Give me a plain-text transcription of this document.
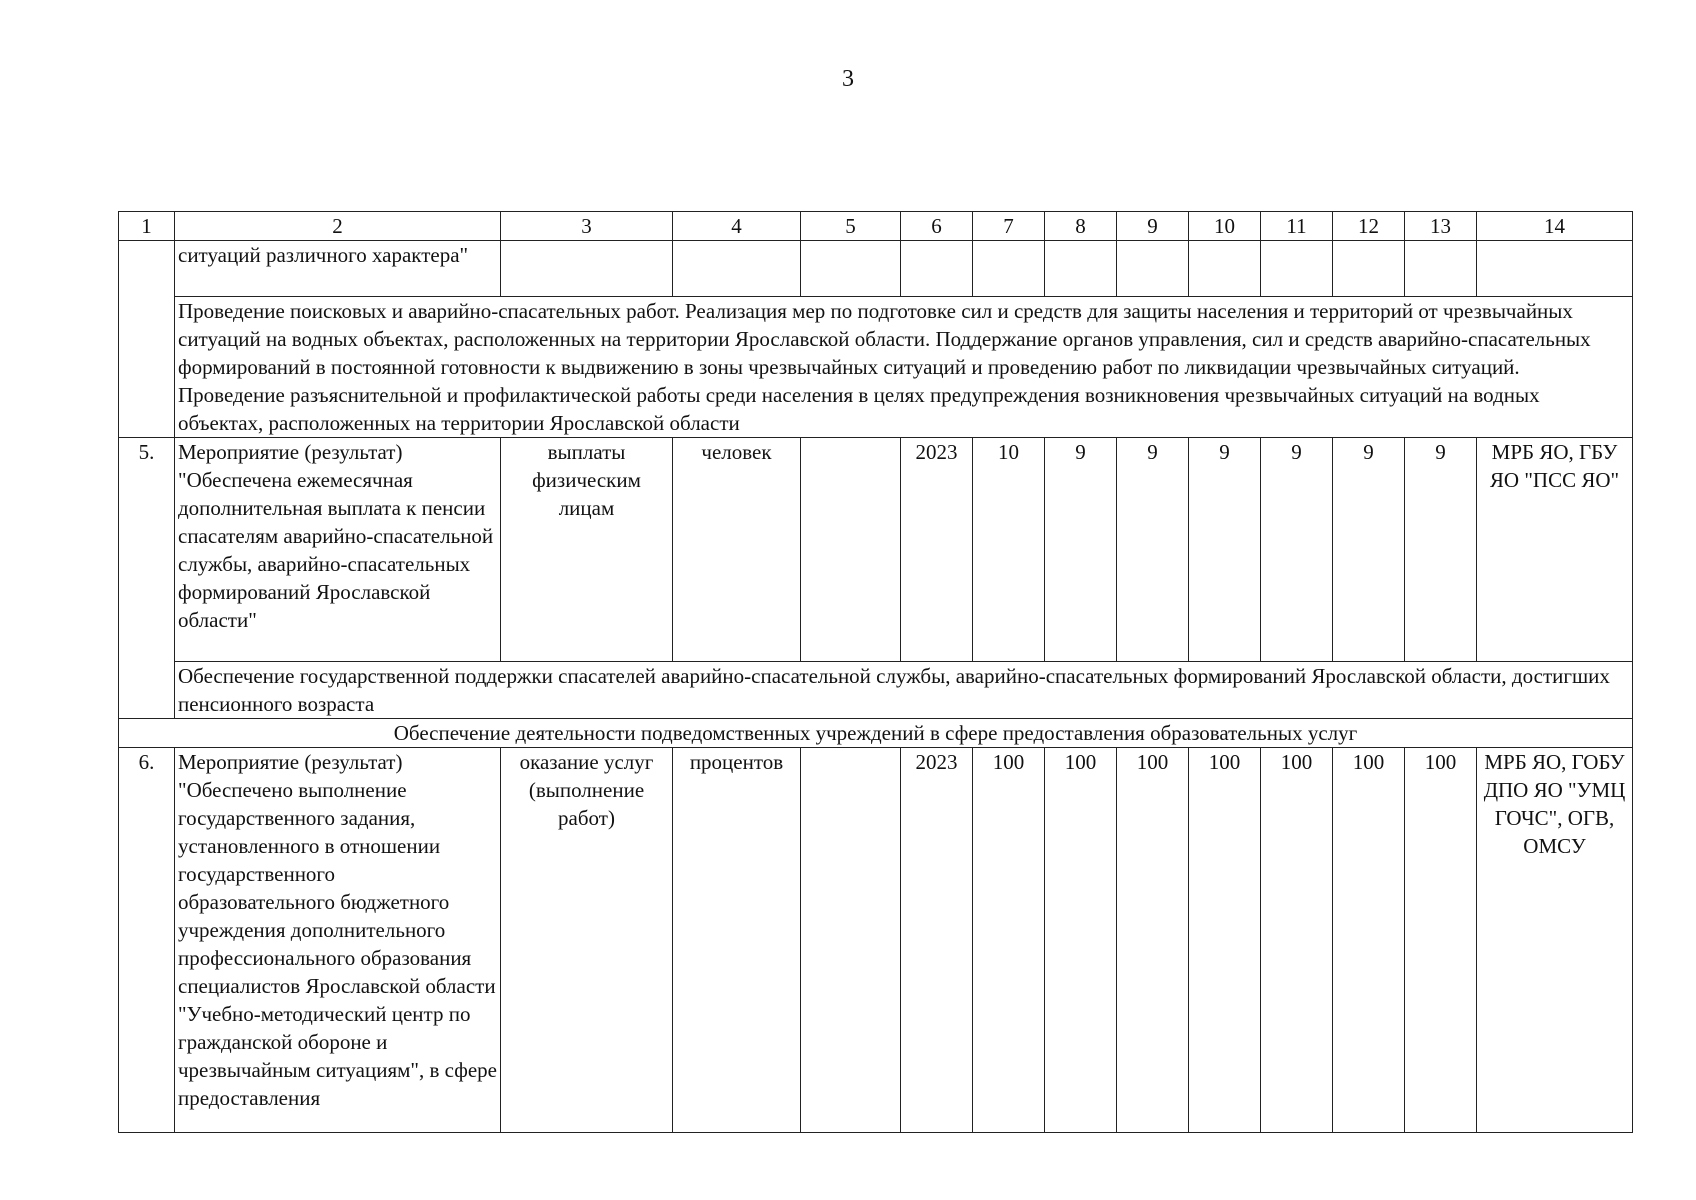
3
1	2	3	4	5	6	7	8	9	10	11	12	13	14
	ситуаций различного характера"												
	Проведение поисковых и аварийно-спасательных работ. Реализация мер по подготовке сил и средств для защиты населения и территорий от чрезвычайных ситуаций на водных объектах, расположенных на территории Ярославской области. Поддержание органов управления, сил и средств аварийно-спасательных формирований в постоянной готовности к выдвижению в зоны чрезвычайных ситуаций и проведению работ по ликвидации чрезвычайных ситуаций. Проведение разъяснительной и профилактической работы среди населения в целях предупреждения возникновения чрезвычайных ситуаций на водных объектах, расположенных на территории Ярославской области												
5.	Мероприятие (результат) "Обеспечена ежемесячная дополнительная выплата к пенсии спасателям аварийно-спасательной службы, аварийно-спасательных формирований Ярославской области"	выплаты физическим лицам	человек		2023	10	9	9	9	9	9	9	МРБ ЯО, ГБУ ЯО "ПСС ЯО"
	Обеспечение государственной поддержки спасателей аварийно-спасательной службы, аварийно-спасательных формирований Ярославской области, достигших пенсионного возраста												
Обеспечение деятельности подведомственных учреждений в сфере предоставления образовательных услуг													
6.	Мероприятие (результат) "Обеспечено выполнение государственного задания, установленного в отношении государственного образовательного бюджетного учреждения дополнительного профессионального образования специалистов Ярославской области "Учебно-методический центр по гражданской обороне и чрезвычайным ситуациям", в сфере предоставления	оказание услуг (выполнение работ)	процентов		2023	100	100	100	100	100	100	100	МРБ ЯО, ГОБУ ДПО ЯО "УМЦ ГОЧС", ОГВ, ОМСУ
